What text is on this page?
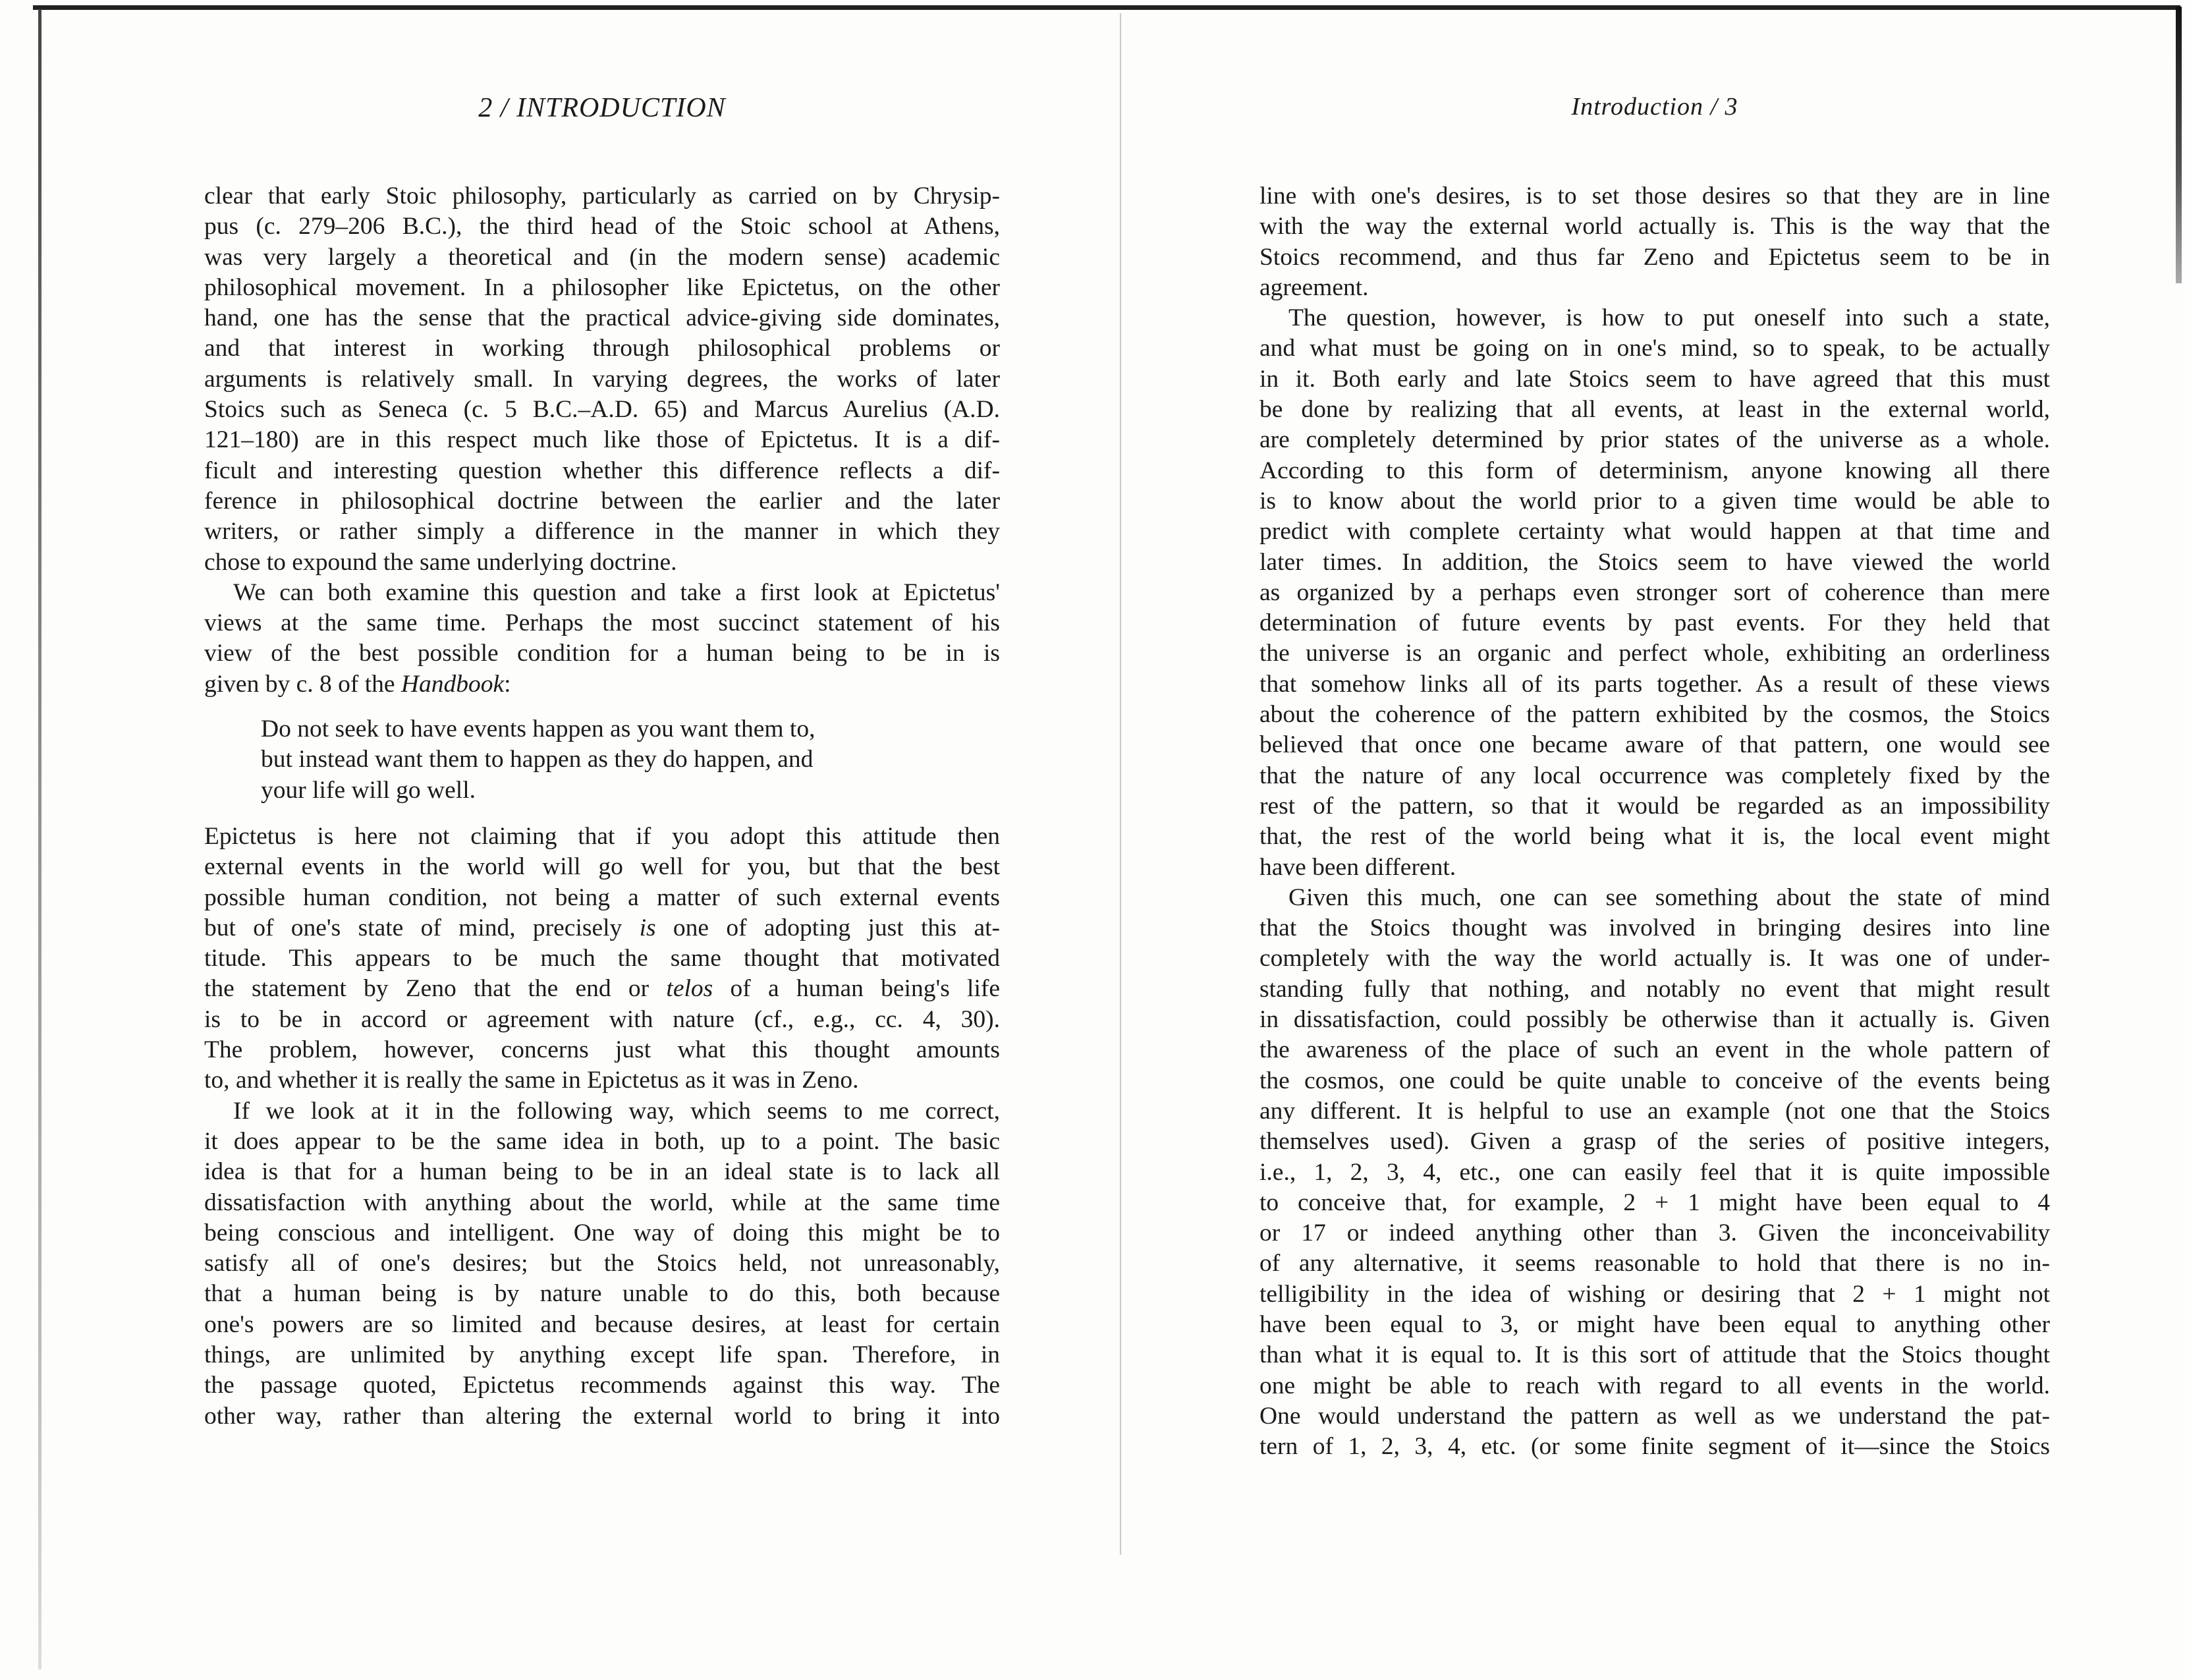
2 / INTRODUCTION
clear that early Stoic philosophy, particularly as carried on by Chrysip-
pus (c. 279–206 B.C.), the third head of the Stoic school at Athens,
was very largely a theoretical and (in the modern sense) academic
philosophical movement. In a philosopher like Epictetus, on the other
hand, one has the sense that the practical advice-giving side dominates,
and that interest in working through philosophical problems or
arguments is relatively small. In varying degrees, the works of later
Stoics such as Seneca (c. 5 B.C.–A.D. 65) and Marcus Aurelius (A.D.
121–180) are in this respect much like those of Epictetus. It is a dif-
ficult and interesting question whether this difference reflects a dif-
ference in philosophical doctrine between the earlier and the later
writers, or rather simply a difference in the manner in which they
chose to expound the same underlying doctrine.
We can both examine this question and take a first look at Epictetus'
views at the same time. Perhaps the most succinct statement of his
view of the best possible condition for a human being to be in is
given by c. 8 of the Handbook:
Do not seek to have events happen as you want them to,
but instead want them to happen as they do happen, and
your life will go well.
Epictetus is here not claiming that if you adopt this attitude then
external events in the world will go well for you, but that the best
possible human condition, not being a matter of such external events
but of one's state of mind, precisely is one of adopting just this at-
titude. This appears to be much the same thought that motivated
the statement by Zeno that the end or telos of a human being's life
is to be in accord or agreement with nature (cf., e.g., cc. 4, 30).
The problem, however, concerns just what this thought amounts
to, and whether it is really the same in Epictetus as it was in Zeno.
If we look at it in the following way, which seems to me correct,
it does appear to be the same idea in both, up to a point. The basic
idea is that for a human being to be in an ideal state is to lack all
dissatisfaction with anything about the world, while at the same time
being conscious and intelligent. One way of doing this might be to
satisfy all of one's desires; but the Stoics held, not unreasonably,
that a human being is by nature unable to do this, both because
one's powers are so limited and because desires, at least for certain
things, are unlimited by anything except life span. Therefore, in
the passage quoted, Epictetus recommends against this way. The
other way, rather than altering the external world to bring it into
Introduction / 3
line with one's desires, is to set those desires so that they are in line
with the way the external world actually is. This is the way that the
Stoics recommend, and thus far Zeno and Epictetus seem to be in
agreement.
The question, however, is how to put oneself into such a state,
and what must be going on in one's mind, so to speak, to be actually
in it. Both early and late Stoics seem to have agreed that this must
be done by realizing that all events, at least in the external world,
are completely determined by prior states of the universe as a whole.
According to this form of determinism, anyone knowing all there
is to know about the world prior to a given time would be able to
predict with complete certainty what would happen at that time and
later times. In addition, the Stoics seem to have viewed the world
as organized by a perhaps even stronger sort of coherence than mere
determination of future events by past events. For they held that
the universe is an organic and perfect whole, exhibiting an orderliness
that somehow links all of its parts together. As a result of these views
about the coherence of the pattern exhibited by the cosmos, the Stoics
believed that once one became aware of that pattern, one would see
that the nature of any local occurrence was completely fixed by the
rest of the pattern, so that it would be regarded as an impossibility
that, the rest of the world being what it is, the local event might
have been different.
Given this much, one can see something about the state of mind
that the Stoics thought was involved in bringing desires into line
completely with the way the world actually is. It was one of under-
standing fully that nothing, and notably no event that might result
in dissatisfaction, could possibly be otherwise than it actually is. Given
the awareness of the place of such an event in the whole pattern of
the cosmos, one could be quite unable to conceive of the events being
any different. It is helpful to use an example (not one that the Stoics
themselves used). Given a grasp of the series of positive integers,
i.e., 1, 2, 3, 4, etc., one can easily feel that it is quite impossible
to conceive that, for example, 2 + 1 might have been equal to 4
or 17 or indeed anything other than 3. Given the inconceivability
of any alternative, it seems reasonable to hold that there is no in-
telligibility in the idea of wishing or desiring that 2 + 1 might not
have been equal to 3, or might have been equal to anything other
than what it is equal to. It is this sort of attitude that the Stoics thought
one might be able to reach with regard to all events in the world.
One would understand the pattern as well as we understand the pat-
tern of 1, 2, 3, 4, etc. (or some finite segment of it—since the Stoics
